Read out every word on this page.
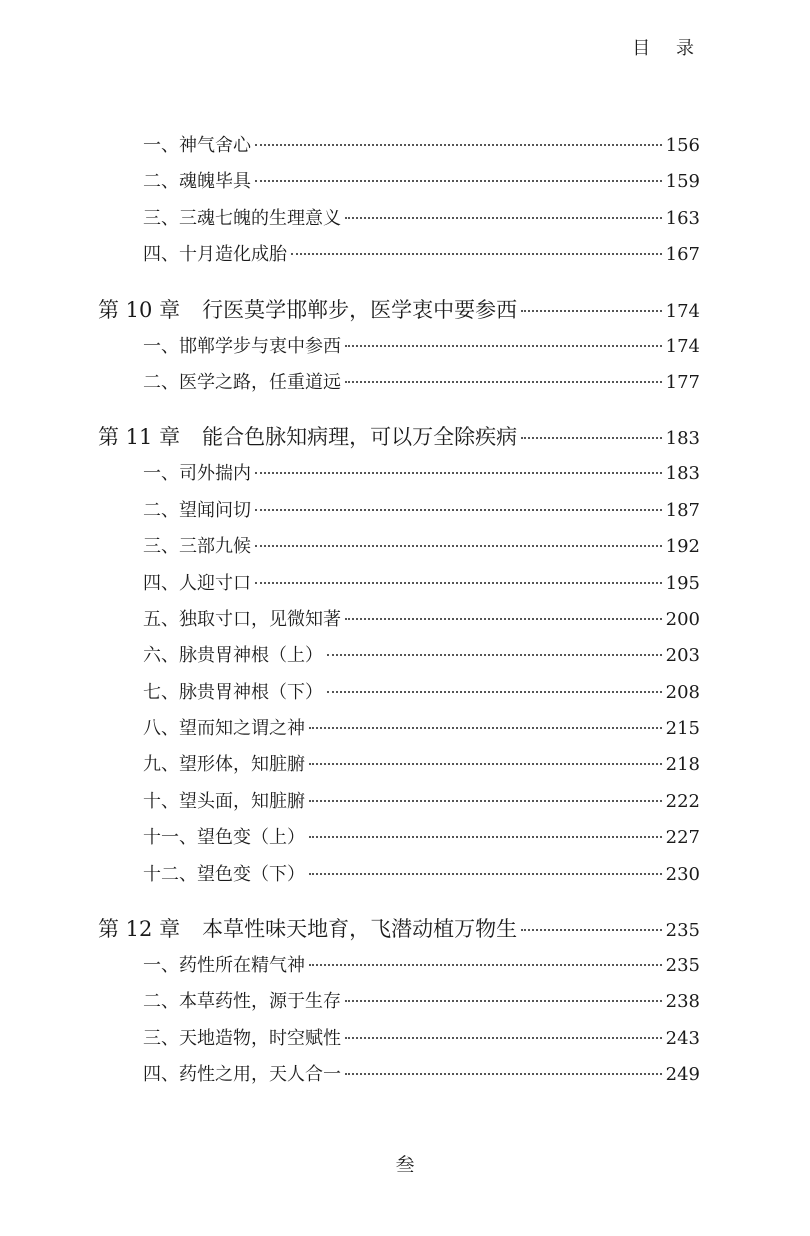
目 录
一、神气舍心	156
二、魂魄毕具	159
三、三魂七魄的生理意义	163
四、十月造化成胎	167
第 10 章 行医莫学邯郸步，医学衷中要参西	174
一、邯郸学步与衷中参西	174
二、医学之路，任重道远	177
第 11 章 能合色脉知病理，可以万全除疾病	183
一、司外揣内	183
二、望闻问切	187
三、三部九候	192
四、人迎寸口	195
五、独取寸口，见微知著	200
六、脉贵胃神根（上）	203
七、脉贵胃神根（下）	208
八、望而知之谓之神	215
九、望形体，知脏腑	218
十、望头面，知脏腑	222
十一、望色变（上）	227
十二、望色变（下）	230
第 12 章 本草性味天地育，飞潜动植万物生	235
一、药性所在精气神	235
二、本草药性，源于生存	238
三、天地造物，时空赋性	243
四、药性之用，天人合一	249
叁
